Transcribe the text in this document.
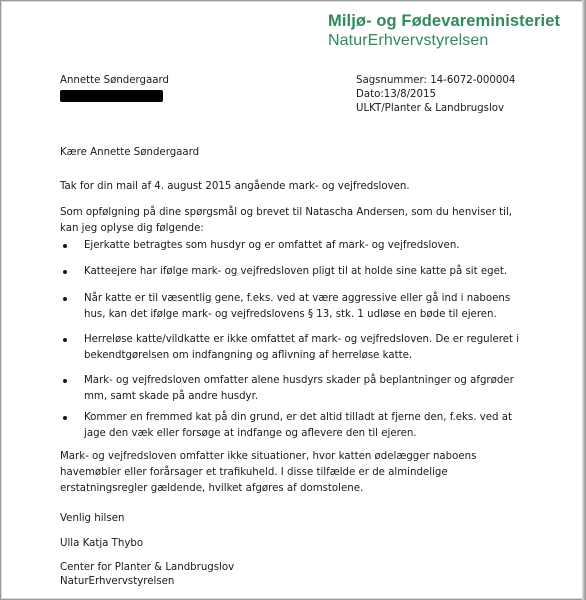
Miljø- og Fødevareministeriet
NaturErhvervstyrelsen
Annette Søndergaard	Sagsnummer: 14-6072-000004
Dato:13/8/2015
ULKT/Planter & Landbrugslov
Kære Annette Søndergaard
Tak for din mail af 4. august 2015 angående mark- og vejfredsloven.
Som opfølgning på dine spørgsmål og brevet til Natascha Andersen, som du henviser til, kan jeg oplyse dig følgende:
Ejerkatte betragtes som husdyr og er omfattet af mark- og vejfredsloven.
Katteejere har ifølge mark- og vejfredsloven pligt til at holde sine katte på sit eget.
Når katte er til væsentlig gene, f.eks. ved at være aggressive eller gå ind i naboens hus, kan det ifølge mark- og vejfredslovens § 13, stk. 1 udløse en bøde til ejeren.
Herreløse katte/vildkatte er ikke omfattet af mark- og vejfredsloven. De er reguleret i bekendtgørelsen om indfangning og aflivning af herreløse katte.
Mark- og vejfredsloven omfatter alene husdyrs skader på beplantninger og afgrøder mm, samt skade på andre husdyr.
Kommer en fremmed kat på din grund, er det altid tilladt at fjerne den, f.eks. ved at jage den væk eller forsøge at indfange og aflevere den til ejeren.
Mark- og vejfredsloven omfatter ikke situationer, hvor katten ødelægger naboens havemøbler eller forårsager et trafikuheld. I disse tilfælde er de almindelige erstatningsregler gældende, hvilket afgøres af domstolene.
Venlig hilsen
Ulla Katja Thybo
Center for Planter & Landbrugslov
NaturErhvervstyrelsen
